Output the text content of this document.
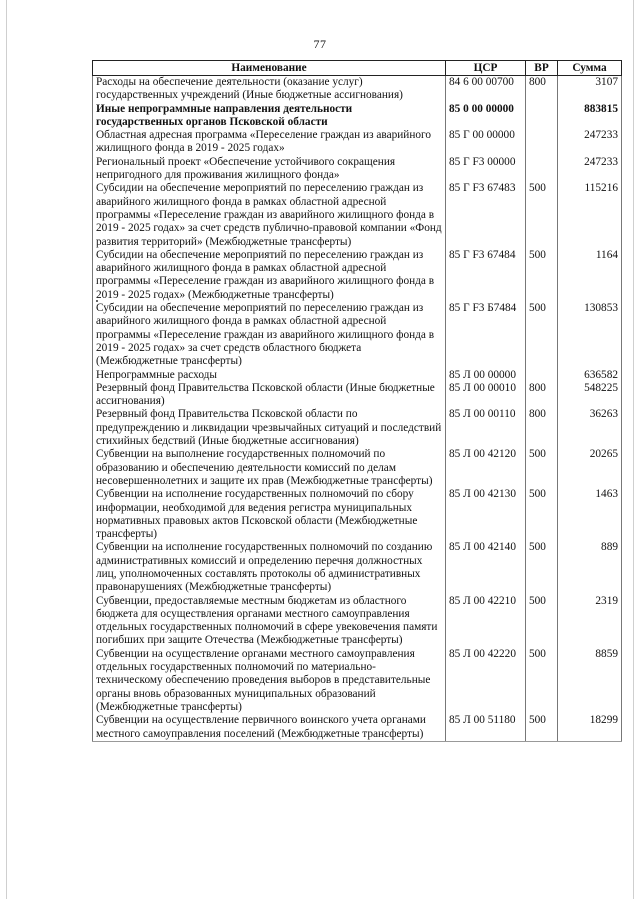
77
Наименование	ЦСР	ВР	Сумма
Расходы на обеспечение деятельности (оказание услуг) государственных учреждений (Иные бюджетные ассигнования)	84 6 00 00700	800	3107
Иные непрограммные направления деятельности государственных органов Псковской области	85 0 00 00000		883815
Областная адресная программа «Переселение граждан из аварийного жилищного фонда в 2019 - 2025 годах»	85 Г 00 00000		247233
Региональный проект «Обеспечение устойчивого сокращения непригодного для проживания жилищного фонда»	85 Г F3 00000		247233
Субсидии на обеспечение мероприятий по переселению граждан из аварийного жилищного фонда в рамках областной адресной программы «Переселение граждан из аварийного жилищного фонда в 2019 - 2025 годах» за счет средств публично-правовой компании «Фонд развития территорий» (Межбюджетные трансферты)	85 Г F3 67483	500	115216
Субсидии на обеспечение мероприятий по переселению граждан из аварийного жилищного фонда в рамках областной адресной программы «Переселение граждан из аварийного жилищного фонда в 2019 - 2025 годах» (Межбюджетные трансферты)	85 Г F3 67484	500	1164
Субсидии на обеспечение мероприятий по переселению граждан из аварийного жилищного фонда в рамках областной адресной программы «Переселение граждан из аварийного жилищного фонда в 2019 - 2025 годах» за счет средств областного бюджета (Межбюджетные трансферты)	85 Г F3 Б7484	500	130853
Непрограммные расходы	85 Л 00 00000		636582
Резервный фонд Правительства Псковской области (Иные бюджетные ассигнования)	85 Л 00 00010	800	548225
Резервный фонд Правительства Псковской области по предупреждению и ликвидации чрезвычайных ситуаций и последствий стихийных бедствий (Иные бюджетные ассигнования)	85 Л 00 00110	800	36263
Субвенции на выполнение государственных полномочий по образованию и обеспечению деятельности комиссий по делам несовершеннолетних и защите их прав (Межбюджетные трансферты)	85 Л 00 42120	500	20265
Субвенции на исполнение государственных полномочий по сбору информации, необходимой для ведения регистра муниципальных нормативных правовых актов Псковской области (Межбюджетные трансферты)	85 Л 00 42130	500	1463
Субвенции на исполнение государственных полномочий по созданию административных комиссий и определению перечня должностных лиц, уполномоченных составлять протоколы об административных правонарушениях (Межбюджетные трансферты)	85 Л 00 42140	500	889
Субвенции, предоставляемые местным бюджетам из областного бюджета для осуществления органами местного самоуправления отдельных государственных полномочий в сфере увековечения памяти погибших при защите Отечества (Межбюджетные трансферты)	85 Л 00 42210	500	2319
Субвенции на осуществление органами местного самоуправления отдельных государственных полномочий по материально-техническому обеспечению проведения выборов в представительные органы вновь образованных муниципальных образований (Межбюджетные трансферты)	85 Л 00 42220	500	8859
Субвенции на осуществление первичного воинского учета органами местного самоуправления поселений (Межбюджетные трансферты)	85 Л 00 51180	500	18299
